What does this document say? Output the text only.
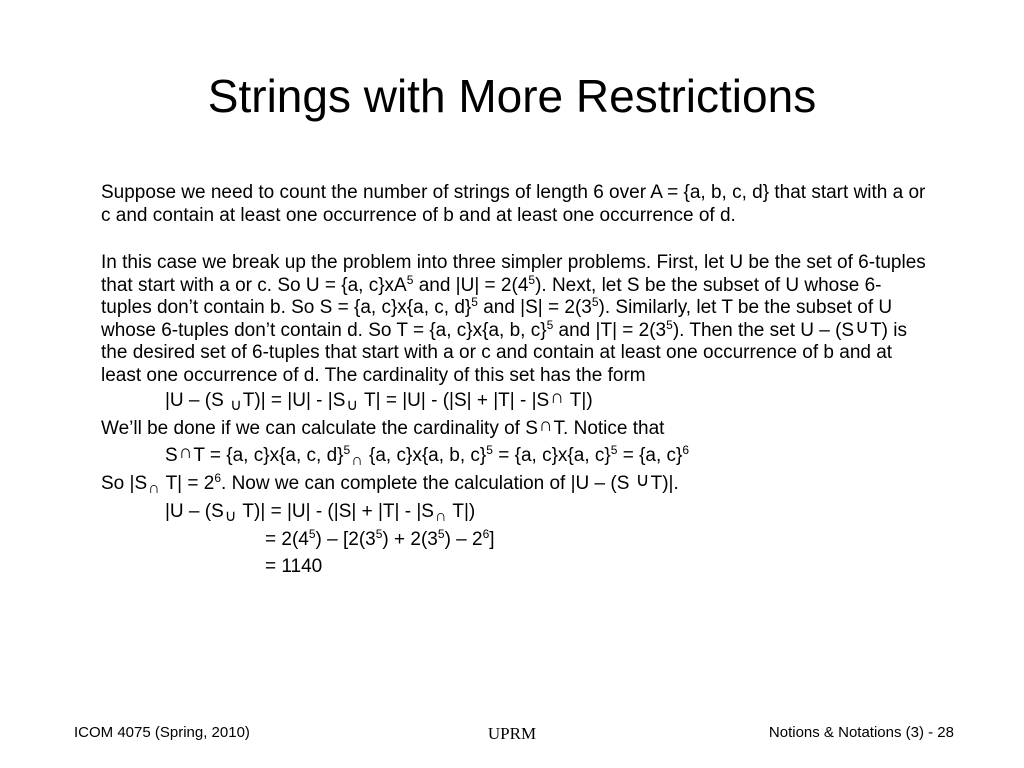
Strings with More Restrictions

Suppose we need to count the number of strings of length 6 over A = {a, b, c, d} that start with a or c and contain at least one occurrence of b and at least one occurrence of d.

In this case we break up the problem into three simpler problems. First, let U be the set of 6-tuples that start with a or c. So U = {a, $c\}xA^5$ and $|U| = 2(4^5)$. Next, let S be the subset of U whose 6-tuples don’t contain b. So S = {a, c}x{a, c, d}$^5$ and $|S| = 2(3^5)$. Similarly, let T be the subset of U whose 6-tuples don’t contain d. So T = {a, c}x{a, b, c}$^5$ and $|T| = 2(3^5)$. Then the set U – (S∪T) is the desired set of 6-tuples that start with a or c and contain at least one occurrence of b and at least one occurrence of d. The cardinality of this set has the form

|U – (S $_\cup T)| = |U| - |S_\cup$ T| = |U| - (|S| + |T| - |S∩ T|)
We’ll be done if we can calculate the cardinality of S∩T. Notice that
S∩T = {a, c}x{a, c, d}$^5_\cap$ {a, c}x{a, b, c}$^5$ = {a, c}x{a, c}$^5$ = {a, c}$^6$
So $|S_\cap$ $T| = 2^6$. Now we can complete the calculation of |U – (S ∪T)|.
$|U - (S_\cup$ $T)| = |U| - (|S| + |T| - |S_\cap$ T|)
= $2(4^5) - [2(3^5) + 2(3^5) - 2^6]$
= 1140
ICOM 4075 (Spring, 2010)	UPRM	Notions & Notations (3) - 28
